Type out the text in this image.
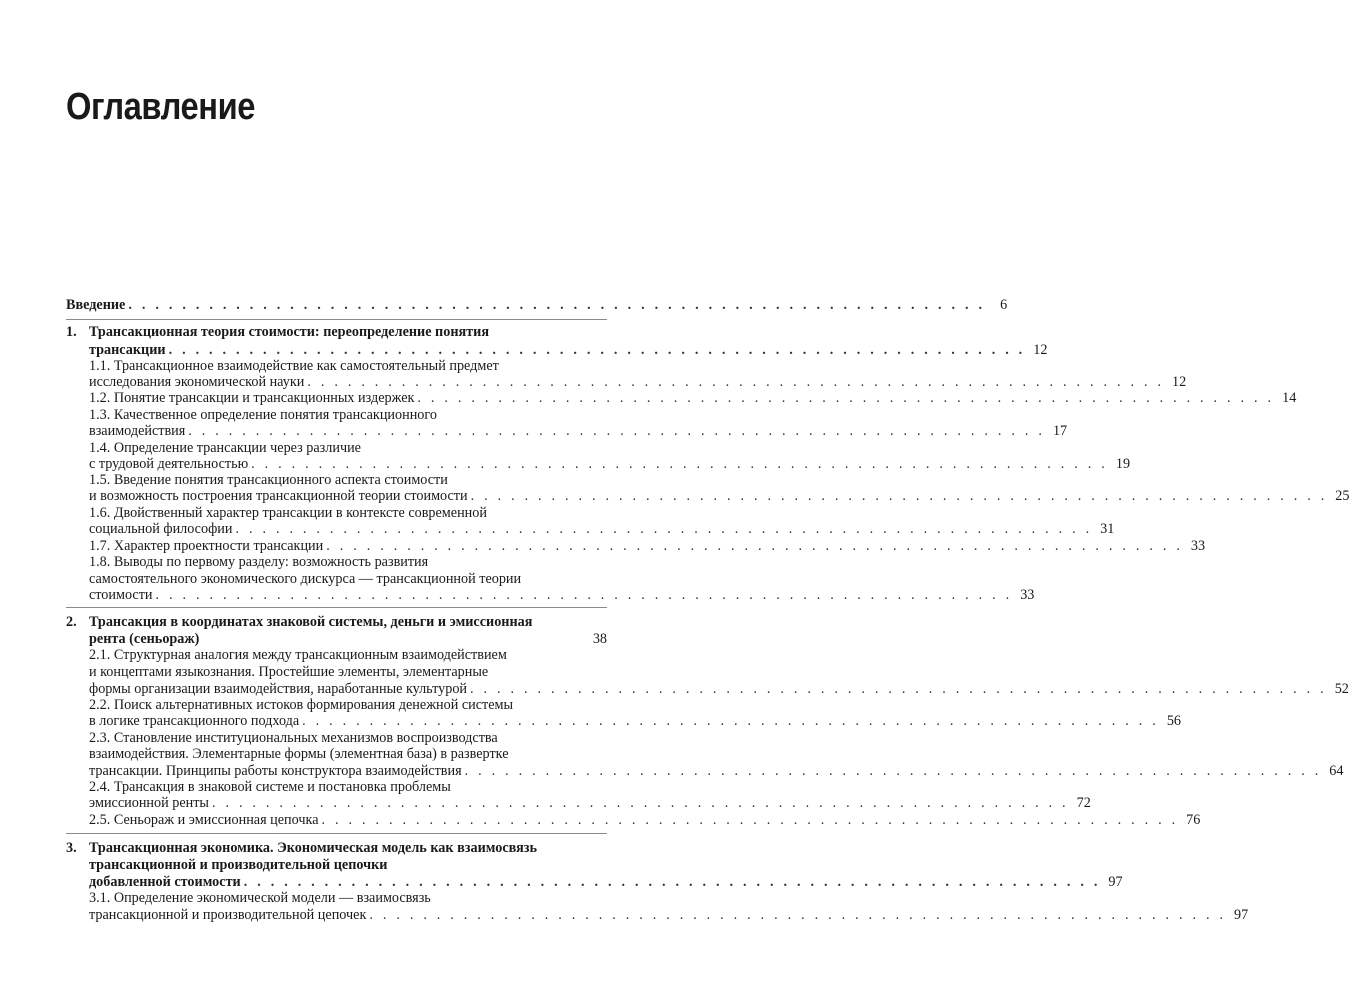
Оглавление
Введение . . . . . . . . . . . . . . . . . . . . . . . . . . . . . . . . . . . . . . . . . . . . . . . . . . . . . . . . . . . . . . . .	6
1. Трансакционная теория стоимости: переопределение понятия
трансакции . . . . . . . . . . . . . . . . . . . . . . . . . . . . . . . . . . . . . . . . . . . . . . . . . . . . . . . . . . . . . . . . 12
1.1. Трансакционное взаимодействие как самостоятельный предмет
исследования экономической науки . . . . . . . . . . . . . . . . . . . . . . . . . . . . . . . . . . . . . . . . . . . . . . . . . . . . . . . . . . . . . . . . 12
1.2. Понятие трансакции и трансакционных издержек . . . . . . . . . . . . . . . . . . . . . . . . . . . . . . . . . . . . . . . . . . . . . . . . . . . . . . . . . . . . . . . . 14
1.3. Качественное определение понятия трансакционного
взаимодействия . . . . . . . . . . . . . . . . . . . . . . . . . . . . . . . . . . . . . . . . . . . . . . . . . . . . . . . . . . . . . . . . 17
1.4. Определение трансакции через различие
с трудовой деятельностью . . . . . . . . . . . . . . . . . . . . . . . . . . . . . . . . . . . . . . . . . . . . . . . . . . . . . . . . . . . . . . . . 19
1.5. Введение понятия трансакционного аспекта стоимости
и возможность построения трансакционной теории стоимости . . . . . . . . . . . . . . . . . . . . . . . . . . . . . . . . . . . . . . . . . . . . . . . . . . . . . . . . . . . . . . . . 25
1.6. Двойственный характер трансакции в контексте современной
социальной философии . . . . . . . . . . . . . . . . . . . . . . . . . . . . . . . . . . . . . . . . . . . . . . . . . . . . . . . . . . . . . . . . 31
1.7. Характер проектности трансакции . . . . . . . . . . . . . . . . . . . . . . . . . . . . . . . . . . . . . . . . . . . . . . . . . . . . . . . . . . . . . . . . 33
1.8. Выводы по первому разделу: возможность развития
самостоятельного экономического дискурса — трансакционной теории
стоимости . . . . . . . . . . . . . . . . . . . . . . . . . . . . . . . . . . . . . . . . . . . . . . . . . . . . . . . . . . . . . . . . 33
2. Трансакция в координатах знаковой системы, деньги и эмиссионная
рента (сеньораж)	38
2.1. Структурная аналогия между трансакционным взаимодействием
и концептами языкознания. Простейшие элементы, элементарные
формы организации взаимодействия, наработанные культурой . . . . . . . . . . . . . . . . . . . . . . . . . . . . . . . . . . . . . . . . . . . . . . . . . . . . . . . . . . . . . . . . 52
2.2. Поиск альтернативных истоков формирования денежной системы
в логике трансакционного подхода . . . . . . . . . . . . . . . . . . . . . . . . . . . . . . . . . . . . . . . . . . . . . . . . . . . . . . . . . . . . . . . . 56
2.3. Становление институциональных механизмов воспроизводства
взаимодействия. Элементарные формы (элементная база) в развертке
трансакции. Принципы работы конструктора взаимодействия . . . . . . . . . . . . . . . . . . . . . . . . . . . . . . . . . . . . . . . . . . . . . . . . . . . . . . . . . . . . . . . . 64
2.4. Трансакция в знаковой системе и постановка проблемы
эмиссионной ренты . . . . . . . . . . . . . . . . . . . . . . . . . . . . . . . . . . . . . . . . . . . . . . . . . . . . . . . . . . . . . . . . 72
2.5. Сеньораж и эмиссионная цепочка . . . . . . . . . . . . . . . . . . . . . . . . . . . . . . . . . . . . . . . . . . . . . . . . . . . . . . . . . . . . . . . . 76
3. Трансакционная экономика. Экономическая модель как взаимосвязь
трансакционной и производительной цепочки
добавленной стоимости . . . . . . . . . . . . . . . . . . . . . . . . . . . . . . . . . . . . . . . . . . . . . . . . . . . . . . . . . . . . . . . . 97
3.1. Определение экономической модели — взаимосвязь
трансакционной и производительной цепочек . . . . . . . . . . . . . . . . . . . . . . . . . . . . . . . . . . . . . . . . . . . . . . . . . . . . . . . . . . . . . . . . 97
